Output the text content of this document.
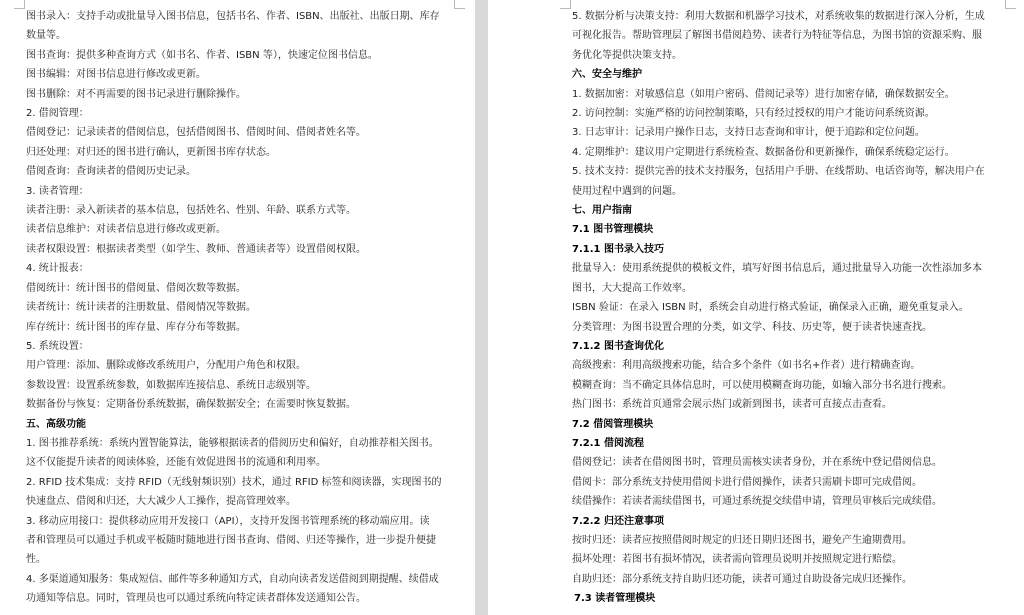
图书录入：支持手动或批量导入图书信息，包括书名、作者、ISBN、出版社、出版日期、库存
数量等。
图书查询：提供多种查询方式（如书名、作者、ISBN 等），快速定位图书信息。
图书编辑：对图书信息进行修改或更新。
图书删除：对不再需要的图书记录进行删除操作。
2. 借阅管理：
借阅登记：记录读者的借阅信息，包括借阅图书、借阅时间、借阅者姓名等。
归还处理：对归还的图书进行确认，更新图书库存状态。
借阅查询：查询读者的借阅历史记录。
3. 读者管理：
读者注册：录入新读者的基本信息，包括姓名、性别、年龄、联系方式等。
读者信息维护：对读者信息进行修改或更新。
读者权限设置：根据读者类型（如学生、教师、普通读者等）设置借阅权限。
4. 统计报表：
借阅统计：统计图书的借阅量、借阅次数等数据。
读者统计：统计读者的注册数量、借阅情况等数据。
库存统计：统计图书的库存量、库存分布等数据。
5. 系统设置：
用户管理：添加、删除或修改系统用户，分配用户角色和权限。
参数设置：设置系统参数，如数据库连接信息、系统日志级别等。
数据备份与恢复：定期备份系统数据，确保数据安全；在需要时恢复数据。
五、高级功能
1. 图书推荐系统：系统内置智能算法，能够根据读者的借阅历史和偏好，自动推荐相关图书。
这不仅能提升读者的阅读体验，还能有效促进图书的流通和利用率。
2. RFID 技术集成：支持 RFID（无线射频识别）技术，通过 RFID 标签和阅读器，实现图书的
快速盘点、借阅和归还，大大减少人工操作，提高管理效率。
3. 移动应用接口：提供移动应用开发接口（API），支持开发图书管理系统的移动端应用。读
者和管理员可以通过手机或平板随时随地进行图书查询、借阅、归还等操作，进一步提升便捷
性。
4. 多渠道通知服务：集成短信、邮件等多种通知方式，自动向读者发送借阅到期提醒、续借成
功通知等信息。同时，管理员也可以通过系统向特定读者群体发送通知公告。
5. 数据分析与决策支持：利用大数据和机器学习技术，对系统收集的数据进行深入分析，生成
可视化报告。帮助管理层了解图书借阅趋势、读者行为特征等信息，为图书馆的资源采购、服
务优化等提供决策支持。
六、安全与维护
1. 数据加密：对敏感信息（如用户密码、借阅记录等）进行加密存储，确保数据安全。
2. 访问控制：实施严格的访问控制策略，只有经过授权的用户才能访问系统资源。
3. 日志审计：记录用户操作日志，支持日志查询和审计，便于追踪和定位问题。
4. 定期维护：建议用户定期进行系统检查、数据备份和更新操作，确保系统稳定运行。
5. 技术支持：提供完善的技术支持服务，包括用户手册、在线帮助、电话咨询等，解决用户在
使用过程中遇到的问题。
七、用户指南
7.1 图书管理模块
7.1.1 图书录入技巧
批量导入：使用系统提供的模板文件，填写好图书信息后，通过批量导入功能一次性添加多本
图书，大大提高工作效率。
ISBN 验证：在录入 ISBN 时，系统会自动进行格式验证，确保录入正确，避免重复录入。
分类管理：为图书设置合理的分类，如文学、科技、历史等，便于读者快速查找。
7.1.2 图书查询优化
高级搜索：利用高级搜索功能，结合多个条件（如书名+作者）进行精确查询。
模糊查询：当不确定具体信息时，可以使用模糊查询功能，如输入部分书名进行搜索。
热门图书：系统首页通常会展示热门或新到图书，读者可直接点击查看。
7.2 借阅管理模块
7.2.1 借阅流程
借阅登记：读者在借阅图书时，管理员需核实读者身份，并在系统中登记借阅信息。
借阅卡：部分系统支持使用借阅卡进行借阅操作，读者只需刷卡即可完成借阅。
续借操作：若读者需续借图书，可通过系统提交续借申请，管理员审核后完成续借。
7.2.2 归还注意事项
按时归还：读者应按照借阅时规定的归还日期归还图书，避免产生逾期费用。
损坏处理：若图书有损坏情况，读者需向管理员说明并按照规定进行赔偿。
自助归还：部分系统支持自助归还功能，读者可通过自助设备完成归还操作。
7.3 读者管理模块
